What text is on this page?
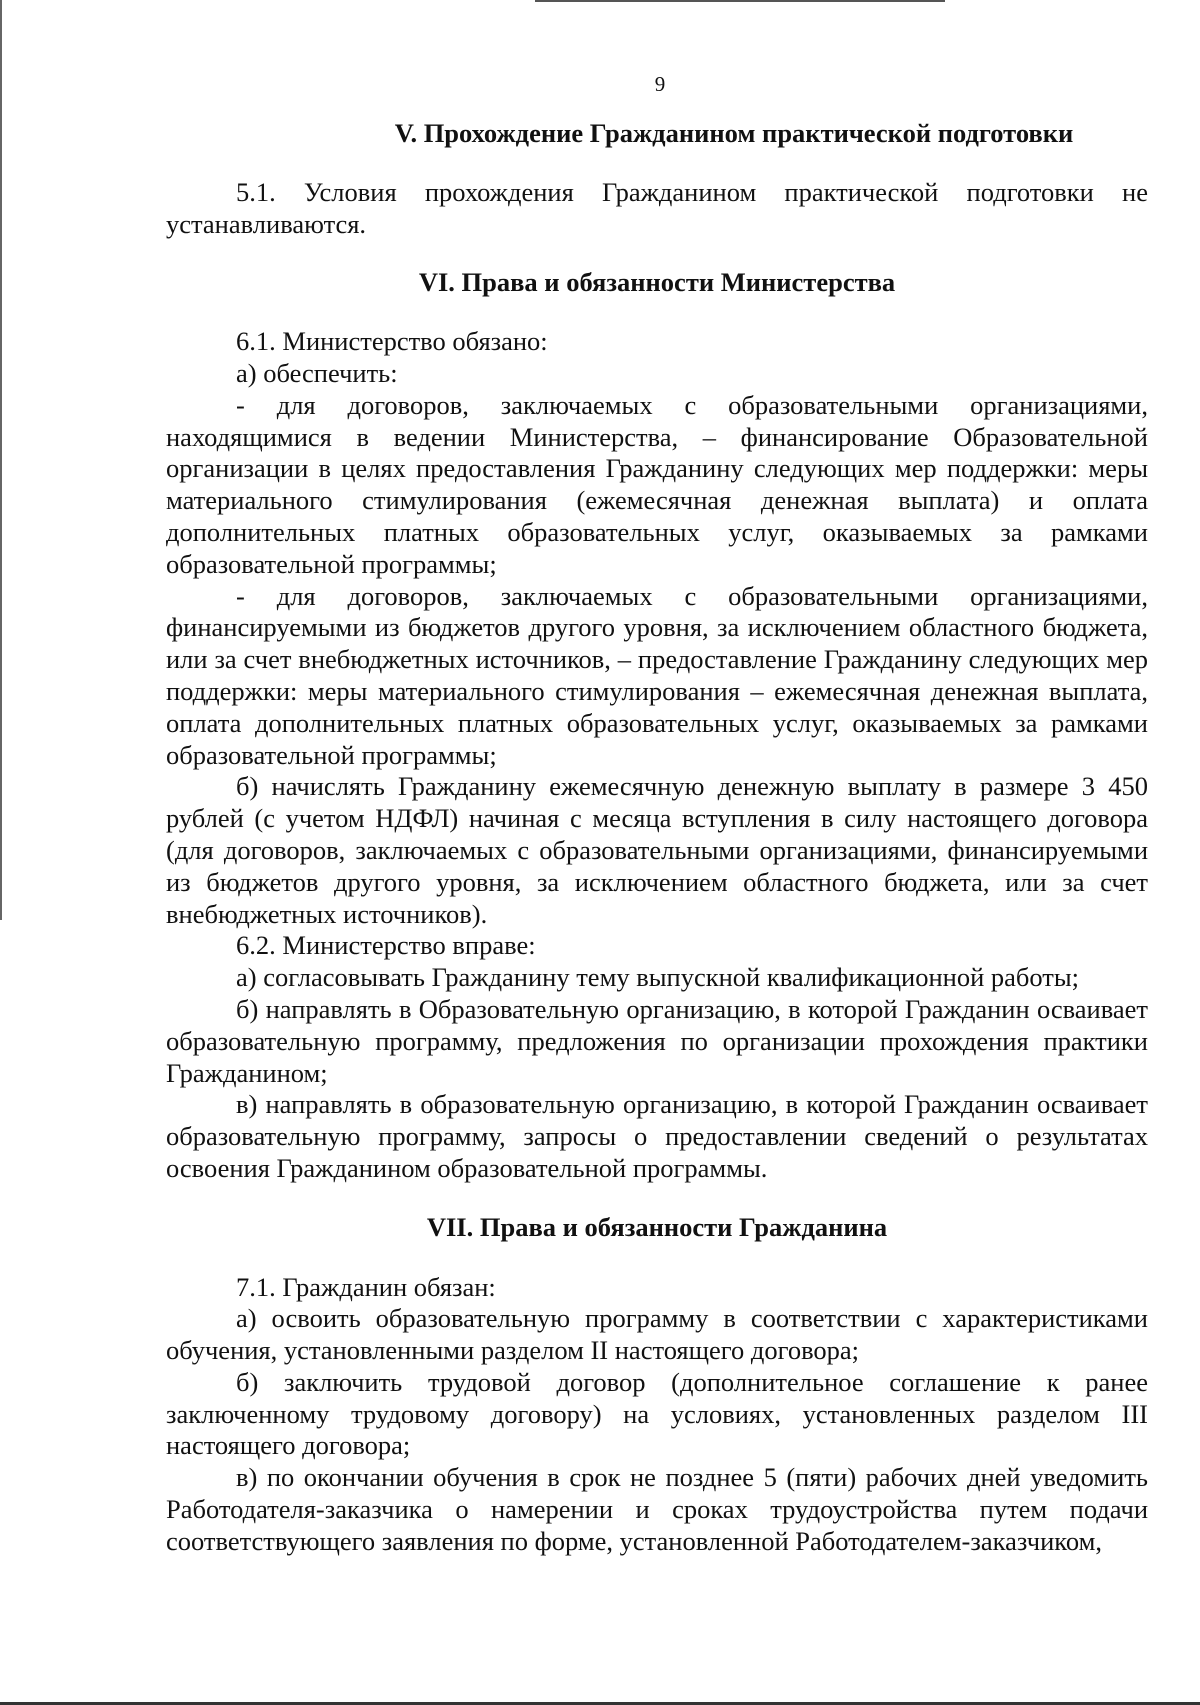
9
V. Прохождение Гражданином практической подготовки

5.1. Условия прохождения Гражданином практической подготовки не устанавливаются.

VI. Права и обязанности Министерства

6.1. Министерство обязано:

а) обеспечить:

- для договоров, заключаемых с образовательными организациями, находящимися в ведении Министерства, – финансирование Образовательной организации в целях предоставления Гражданину следующих мер поддержки: меры материального стимулирования (ежемесячная денежная выплата) и оплата дополнительных платных образовательных услуг, оказываемых за рамками образовательной программы;

- для договоров, заключаемых с образовательными организациями, финансируемыми из бюджетов другого уровня, за исключением областного бюджета, или за счет внебюджетных источников, – предоставление Гражданину следующих мер поддержки: меры материального стимулирования – ежемесячная денежная выплата, оплата дополнительных платных образовательных услуг, оказываемых за рамками образовательной программы;

б) начислять Гражданину ежемесячную денежную выплату в размере 3 450 рублей (с учетом НДФЛ) начиная с месяца вступления в силу настоящего договора (для договоров, заключаемых с образовательными организациями, финансируемыми из бюджетов другого уровня, за исключением областного бюджета, или за счет внебюджетных источников).

6.2. Министерство вправе:

а) согласовывать Гражданину тему выпускной квалификационной работы;

б) направлять в Образовательную организацию, в которой Гражданин осваивает образовательную программу, предложения по организации прохождения практики Гражданином;

в) направлять в образовательную организацию, в которой Гражданин осваивает образовательную программу, запросы о предоставлении сведений о результатах освоения Гражданином образовательной программы.

VII. Права и обязанности Гражданина

7.1. Гражданин обязан:

а) освоить образовательную программу в соответствии с характеристиками обучения, установленными разделом II настоящего договора;

б) заключить трудовой договор (дополнительное соглашение к ранее заключенному трудовому договору) на условиях, установленных разделом III настоящего договора;

в) по окончании обучения в срок не позднее 5 (пяти) рабочих дней уведомить Работодателя-заказчика о намерении и сроках трудоустройства путем подачи соответствующего заявления по форме, установленной Работодателем-заказчиком,
